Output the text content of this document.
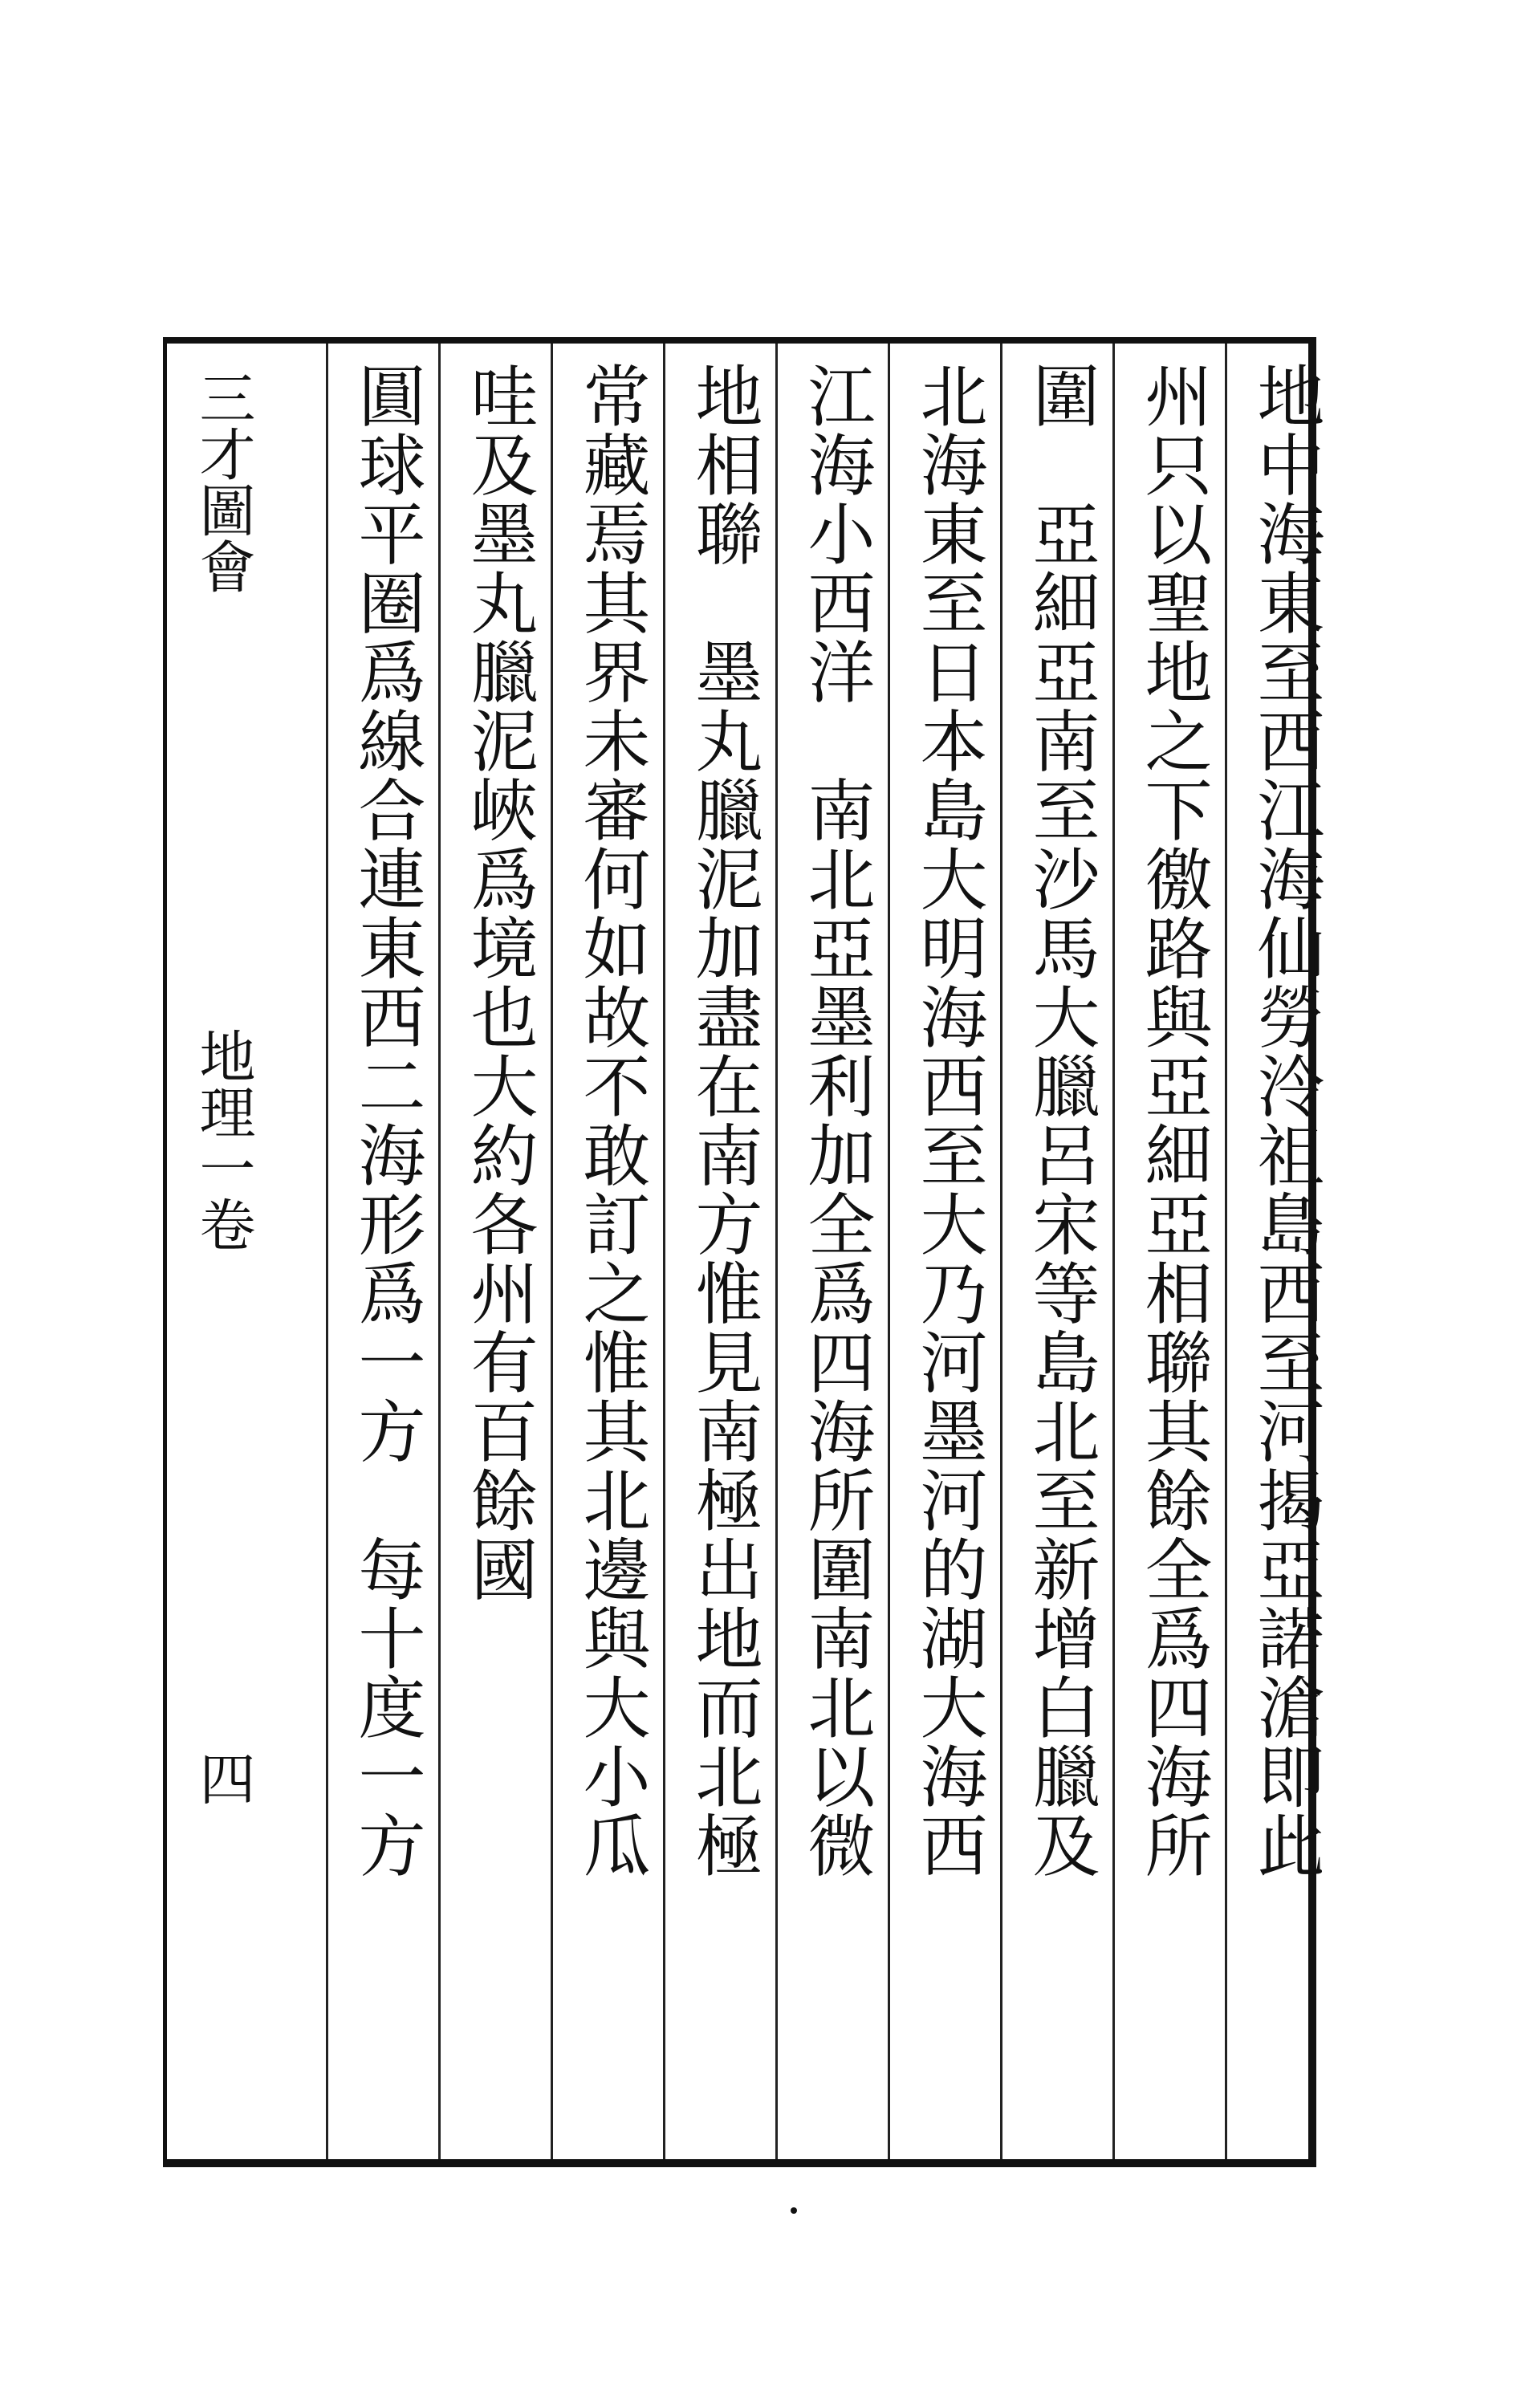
地中海東至西江海仙勞泠祖島西至河揭亞諾滄即此
州只以聖地之下徼路與亞細亞相聯其餘全爲四海所
圍　亞細亞南至沙馬大臘呂宋等島北至新增白臘及
北海東至日本島大明海西至大乃河墨河的湖大海西
江海小西洋　南北亞墨利加全爲四海所圍南北以微
地相聯　墨丸臘泥加盡在南方惟見南極出地而北極
常藏焉其界未審何如故不敢訂之惟其北邊與大小瓜
哇及墨丸臘泥峽爲境也大約各州有百餘國
圓球平圈爲線合連東西二海形爲一方　每十度一方
三才圖會
地理一卷
四
